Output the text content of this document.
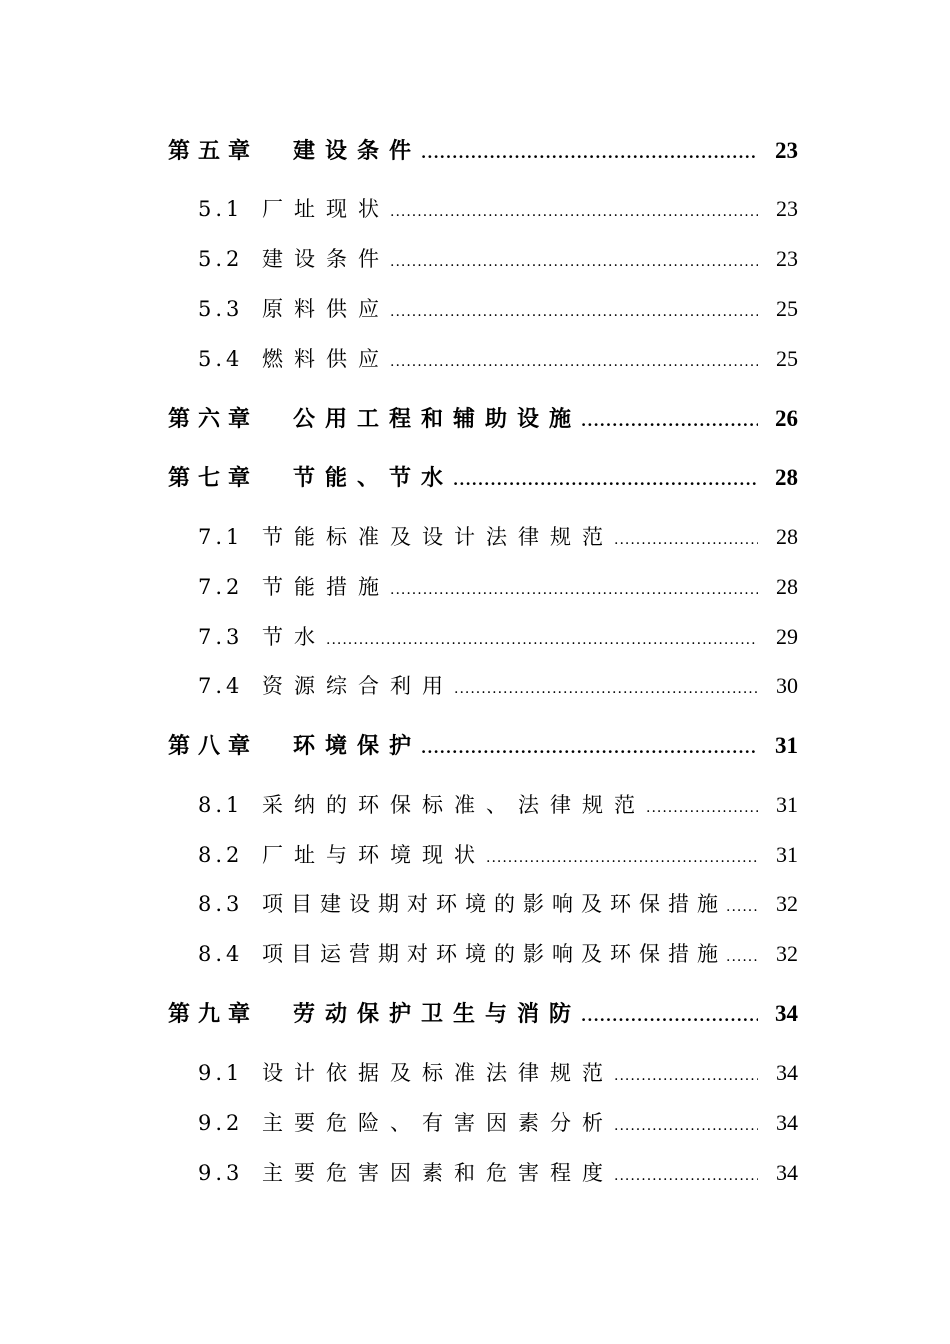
第五章	建设条件 .....	23
5.1 厂址现状 .....	23
5.2 建设条件 .....	23
5.3 原料供应 .....	25
5.4 燃料供应 .....	25
第六章	公用工程和辅助设施 .....	26
第七章	节能、节水 .....	28
7.1 节能标准及设计法律规范 .....	28
7.2 节能措施 .....	28
7.3 节水 .....	29
7.4 资源综合利用 .....	30
第八章	环境保护 .....	31
8.1 采纳的环保标准、法律规范 .....	31
8.2 厂址与环境现状 .....	31
8.3 项目建设期对环境的影响及环保措施 .....	32
8.4 项目运营期对环境的影响及环保措施 .....	32
第九章	劳动保护卫生与消防 .....	34
9.1 设计依据及标准法律规范 .....	34
9.2 主要危险、有害因素分析 .....	34
9.3 主要危害因素和危害程度 .....	34
